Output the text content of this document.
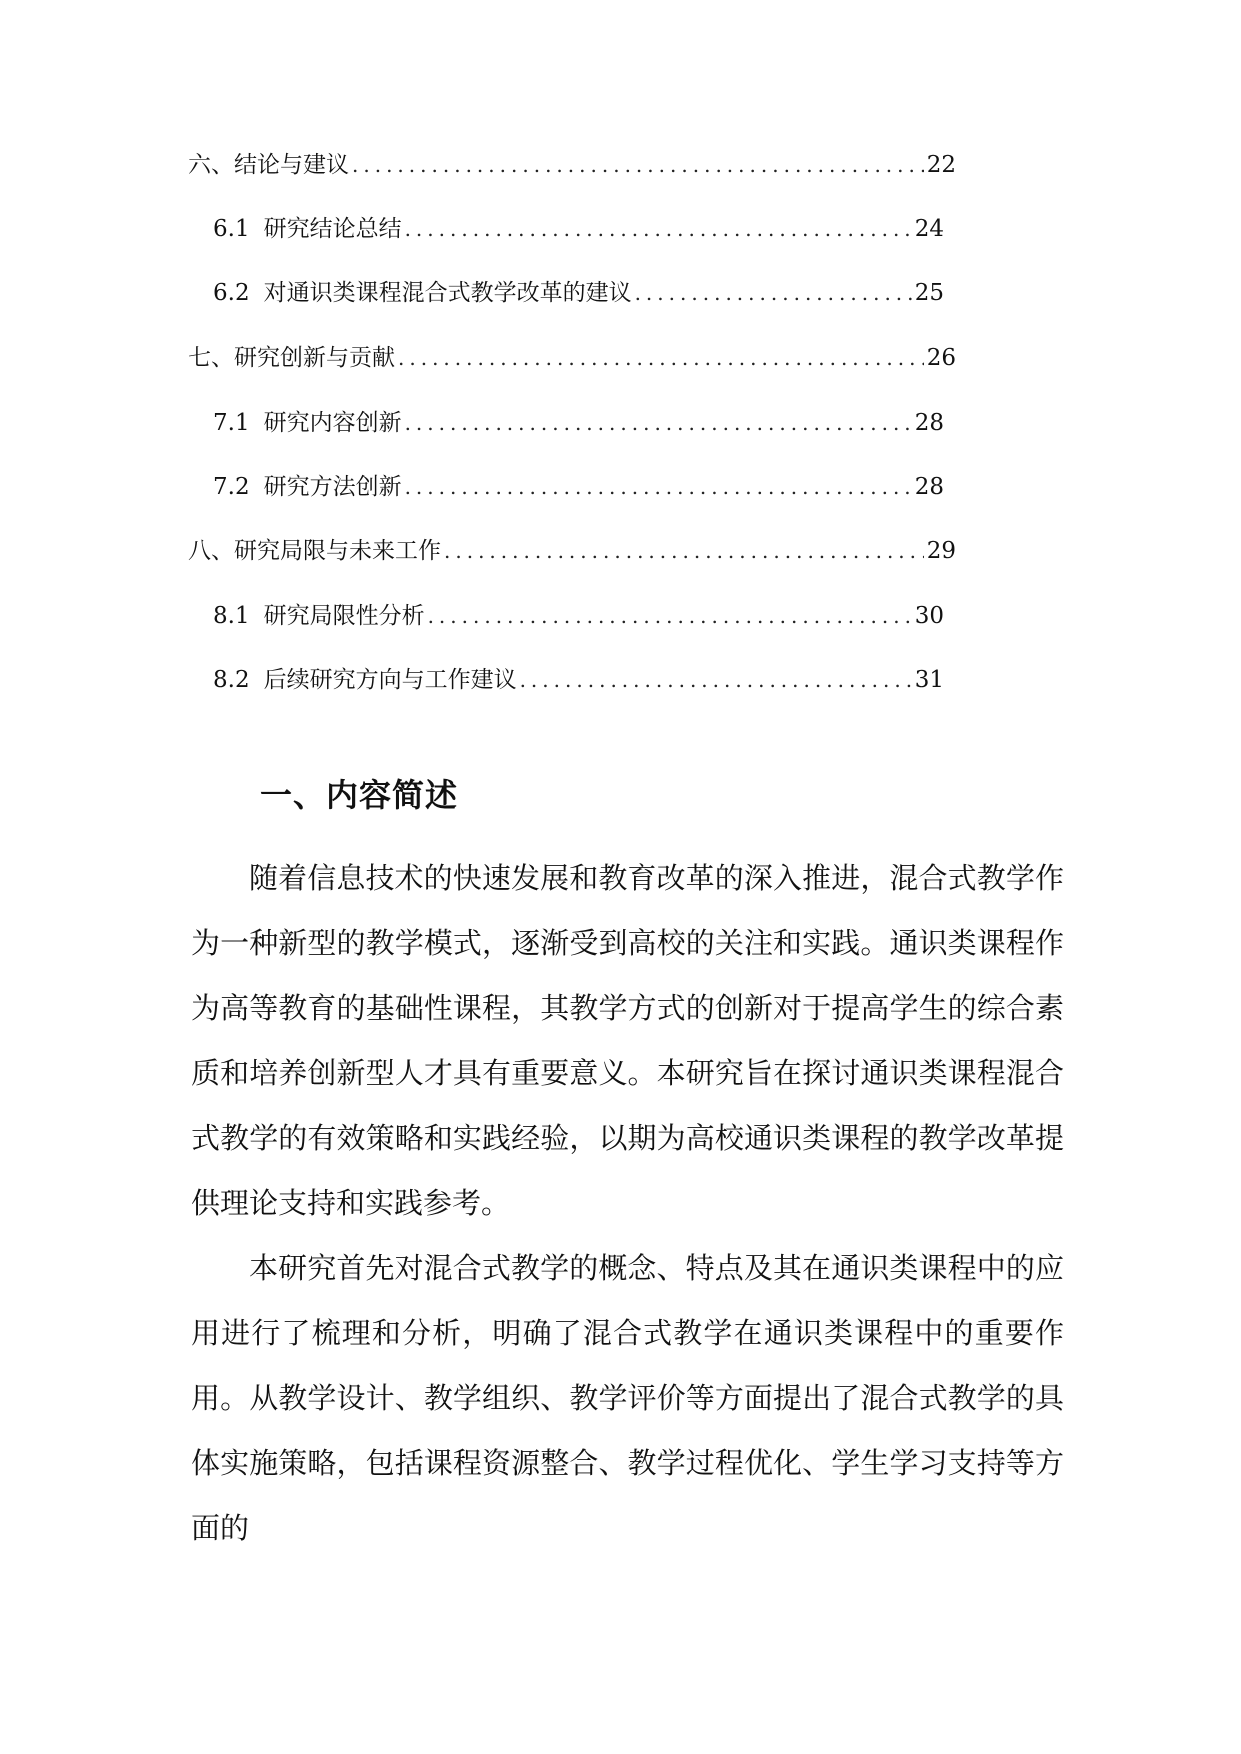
六、结论与建议 .....	22
6.1 研究结论总结 .....	24
6.2 对通识类课程混合式教学改革的建议 .....	25
七、研究创新与贡献 .....	26
7.1 研究内容创新 .....	28
7.2 研究方法创新 .....	28
八、研究局限与未来工作 .....	29
8.1 研究局限性分析 .....	30
8.2 后续研究方向与工作建议 .....	31
一、内容简述

随着信息技术的快速发展和教育改革的深入推进，混合式教学作为一种新型的教学模式，逐渐受到高校的关注和实践。通识类课程作为高等教育的基础性课程，其教学方式的创新对于提高学生的综合素质和培养创新型人才具有重要意义。本研究旨在探讨通识类课程混合式教学的有效策略和实践经验，以期为高校通识类课程的教学改革提供理论支持和实践参考。

本研究首先对混合式教学的概念、特点及其在通识类课程中的应用进行了梳理和分析，明确了混合式教学在通识类课程中的重要作用。从教学设计、教学组织、教学评价等方面提出了混合式教学的具体实施策略，包括课程资源整合、教学过程优化、学生学习支持等方面的
